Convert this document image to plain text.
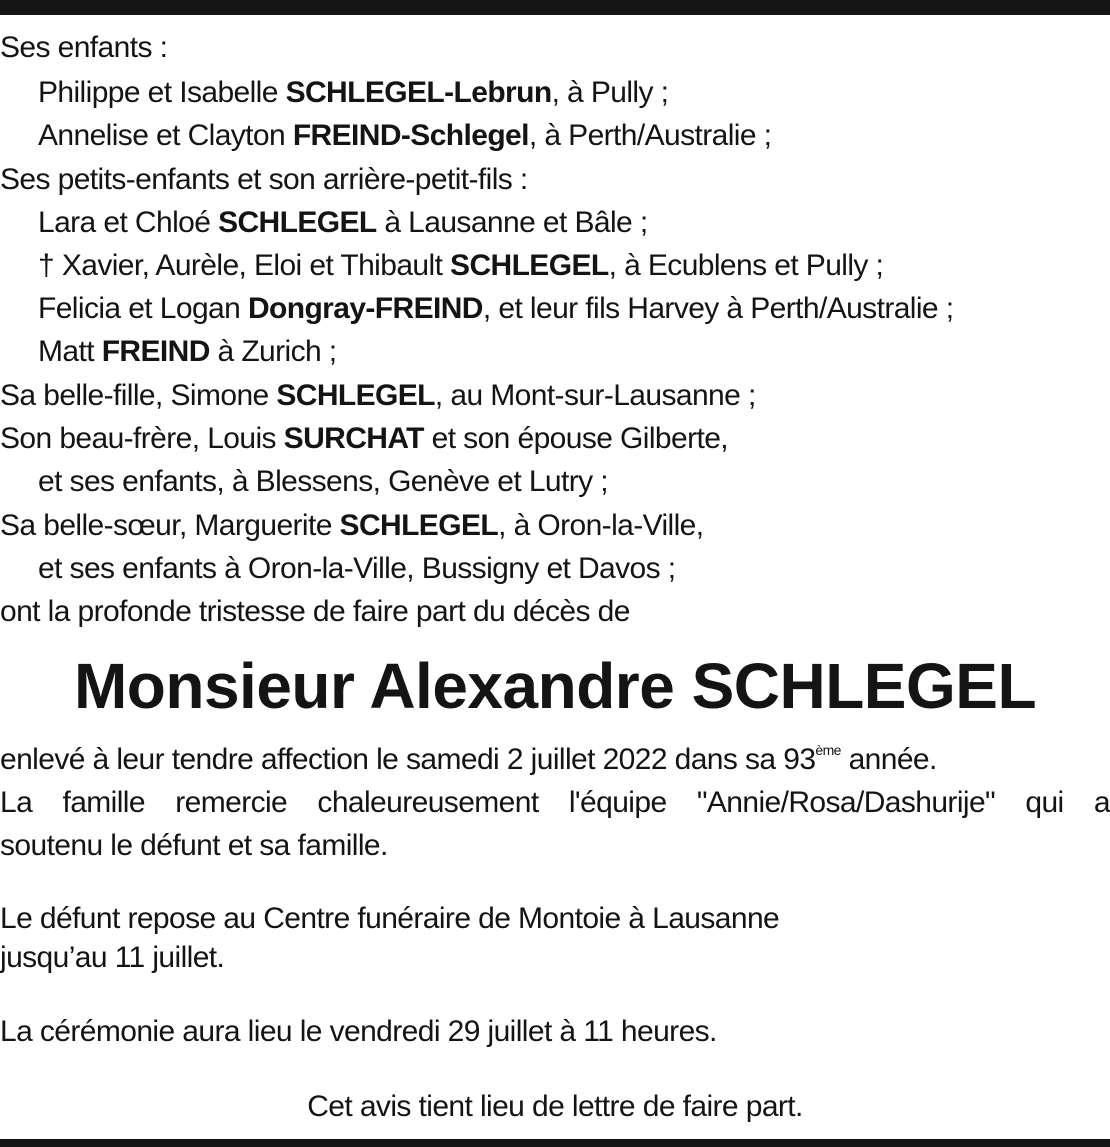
Ses enfants :
Philippe et Isabelle SCHLEGEL-Lebrun, à Pully ;
Annelise et Clayton FREIND-Schlegel, à Perth/Australie ;
Ses petits-enfants et son arrière-petit-fils :
Lara et Chloé SCHLEGEL à Lausanne et Bâle ;
† Xavier, Aurèle, Eloi et Thibault SCHLEGEL, à Ecublens et Pully ;
Felicia et Logan Dongray-FREIND, et leur fils Harvey à Perth/Australie ;
Matt FREIND à Zurich ;
Sa belle-fille, Simone SCHLEGEL, au Mont-sur-Lausanne ;
Son beau-frère, Louis SURCHAT et son épouse Gilberte,
et ses enfants, à Blessens, Genève et Lutry ;
Sa belle-sœur, Marguerite SCHLEGEL, à Oron-la-Ville,
et ses enfants à Oron-la-Ville, Bussigny et Davos ;
ont la profonde tristesse de faire part du décès de
Monsieur Alexandre SCHLEGEL
enlevé à leur tendre affection le samedi 2 juillet 2022 dans sa 93ème année.
La famille remercie chaleureusement l'équipe "Annie/Rosa/Dashurije" qui a
soutenu le défunt et sa famille.
Le défunt repose au Centre funéraire de Montoie à Lausanne
jusqu’au 11 juillet.
La cérémonie aura lieu le vendredi 29 juillet à 11 heures.
Cet avis tient lieu de lettre de faire part.
